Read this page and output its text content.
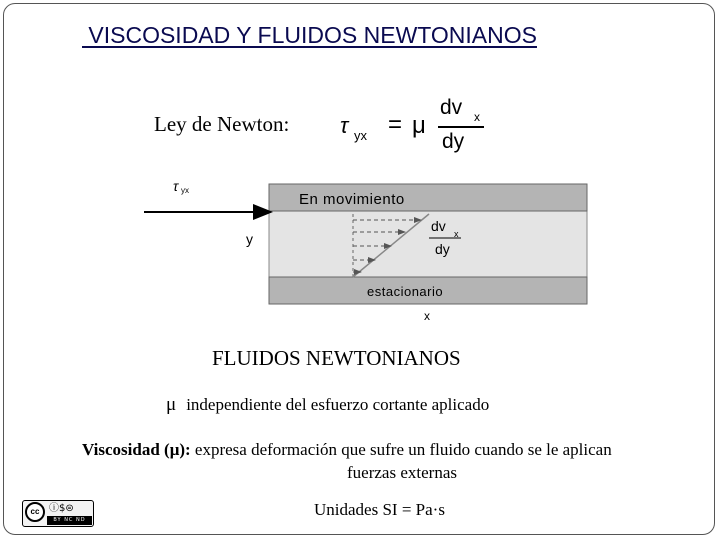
VISCOSIDAD Y FLUIDOS NEWTONIANOS
Ley de Newton: τ yx = μ
dv x
dy
τ yx
En movimiento
estacionario
y
x
dv x
dy
FLUIDOS NEWTONIANOS
μ independiente del esfuerzo cortante aplicado
Viscosidad (μ): expresa deformación que sufre un fluido cuando se le aplican
fuerzas externas
Unidades SI = Pa·s
cc ⓘ$⊜
BY NC ND
